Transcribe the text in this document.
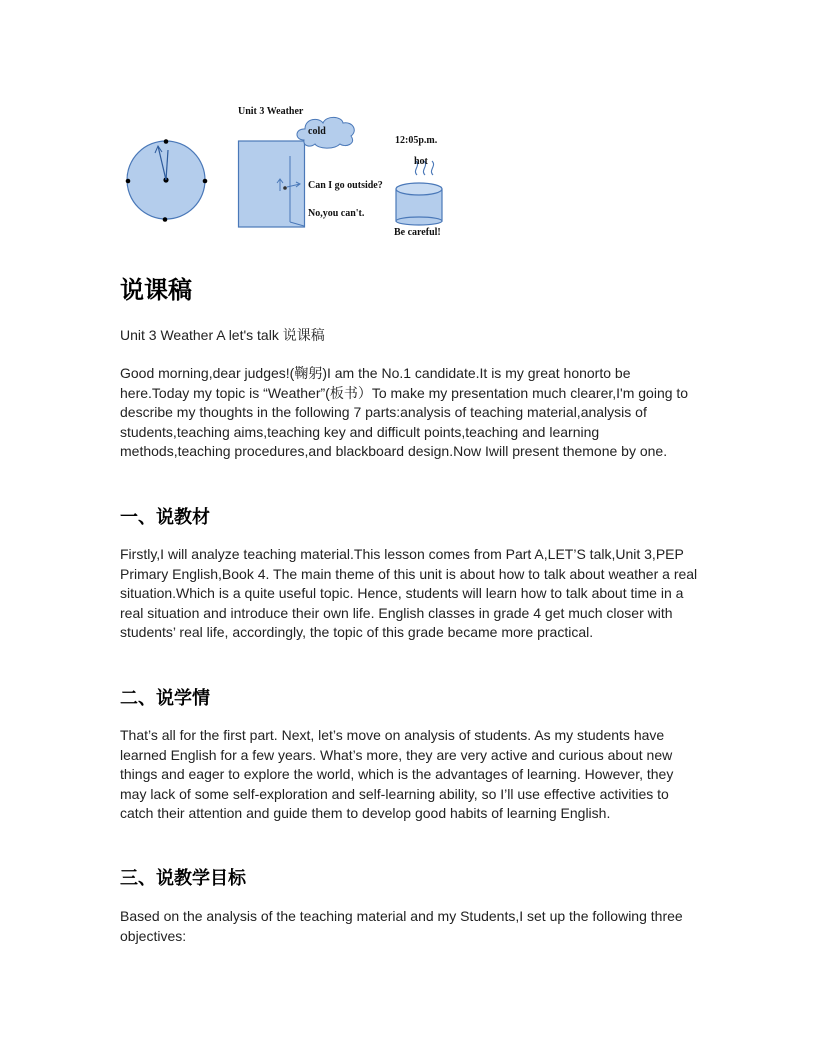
Unit 3 Weather
cold
12:05p.m.
hot
Can I go outside?
No,you can't.
Be careful!
说课稿

Unit 3 Weather A let's talk 说课稿

Good morning,dear judges!(鞠躬)I am the No.1 candidate.It is my great honorto be here.Today my topic is “Weather”(板书）To make my presentation much clearer,I'm going to describe my thoughts in the following 7 parts:analysis of teaching material,analysis of students,teaching aims,teaching key and difficult points,teaching and learning methods,teaching procedures,and blackboard design.Now Iwill present themone by one.

一、说教材

Firstly,I will analyze teaching material.This lesson comes from Part A,LET’S talk,Unit 3,PEP Primary English,Book 4. The main theme of this unit is about how to talk about weather a real situation.Which is a quite useful topic. Hence, students will learn how to talk about time in a real situation and introduce their own life. English classes in grade 4 get much closer with students’ real life, accordingly, the topic of this grade became more practical.

二、说学情

That’s all for the first part. Next, let’s move on analysis of students. As my students have learned English for a few years. What’s more, they are very active and curious about new things and eager to explore the world, which is the advantages of learning. However, they may lack of some self-exploration and self-learning ability, so I’ll use effective activities to catch their attention and guide them to develop good habits of learning English.

三、说教学目标

Based on the analysis of the teaching material and my Students,I set up the following three objectives:
